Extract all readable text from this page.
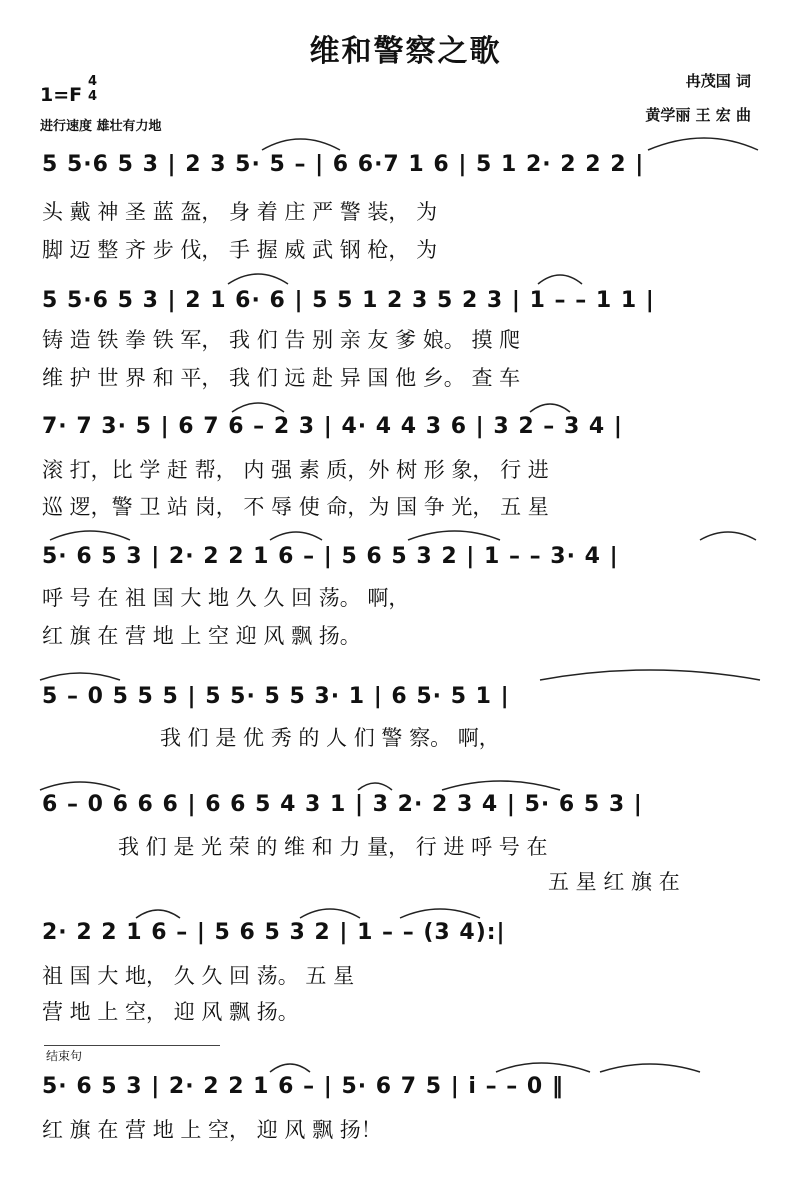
维和警察之歌
1=F
4
4
进行速度 雄壮有力地
冉茂国 词
黄学丽 王 宏 曲
5 5·6 5 3 | 2 3 5· 5 – | 6 6·7 1 6 | 5 1 2· 2 2 2 |
头 戴 神 圣 蓝 盔， 身 着 庄 严 警 装， 为
脚 迈 整 齐 步 伐， 手 握 威 武 钢 枪， 为
5 5·6 5 3 | 2 1 6· 6 | 5 5 1 2 3 5 2 3 | 1 – – 1 1 |
铸 造 铁 拳 铁 军， 我 们 告 别 亲 友 爹 娘。 摸 爬
维 护 世 界 和 平， 我 们 远 赴 异 国 他 乡。 查 车
7· 7 3· 5 | 6 7 6 – 2 3 | 4· 4 4 3 6 | 3 2 – 3 4 |
滚 打，比 学 赶 帮， 内 强 素 质，外 树 形 象， 行 进
巡 逻，警 卫 站 岗， 不 辱 使 命，为 国 争 光， 五 星
5· 6 5 3 | 2· 2 2 1 6 – | 5 6 5 3 2 | 1 – – 3· 4 |
呼 号 在 祖 国 大 地 久 久 回 荡。 啊，
红 旗 在 营 地 上 空 迎 风 飘 扬。
5 – 0 5 5 5 | 5 5· 5 5 3· 1 | 6 5· 5 1 |
我 们 是 优 秀 的 人 们 警 察。 啊，
6 – 0 6 6 6 | 6 6 5 4 3 1 | 3 2· 2 3 4 | 5· 6 5 3 |
我 们 是 光 荣 的 维 和 力 量， 行 进 呼 号 在
五 星 红 旗 在
2· 2 2 1 6 – | 5 6 5 3 2 | 1 – – (3 4):|
祖 国 大 地， 久 久 回 荡。 五 星
营 地 上 空， 迎 风 飘 扬。
结束句
5· 6 5 3 | 2· 2 2 1 6 – | 5· 6 7 5 | i – – 0 ‖
红 旗 在 营 地 上 空， 迎 风 飘 扬！
